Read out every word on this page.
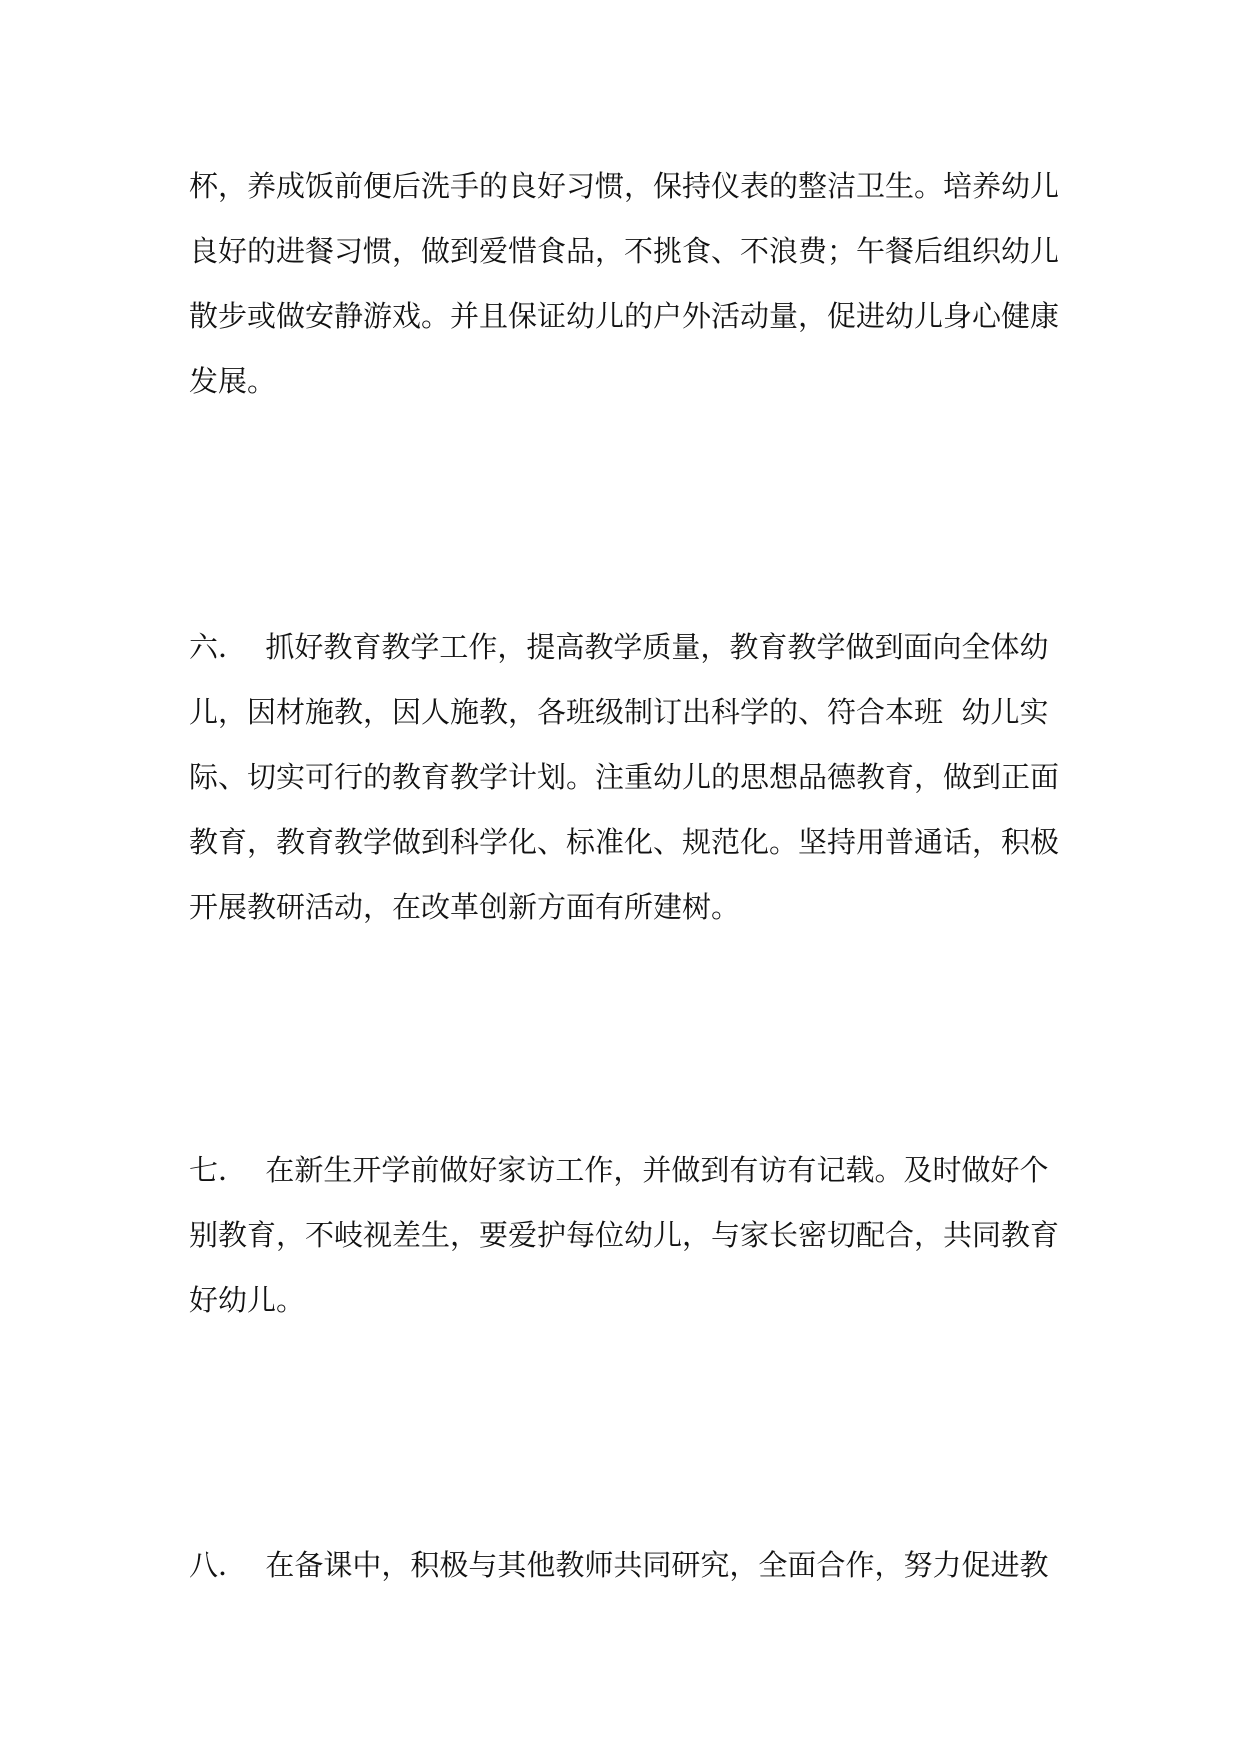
杯，养成饭前便后洗手的良好习惯，保持仪表的整洁卫生。培养幼儿

良好的进餐习惯，做到爱惜食品，不挑食、不浪费；午餐后组织幼儿

散步或做安静游戏。并且保证幼儿的户外活动量，促进幼儿身心健康

发展。

六．  抓好教育教学工作，提高教学质量，教育教学做到面向全体幼

儿，因材施教，因人施教，各班级制订出科学的、符合本班  幼儿实

际、切实可行的教育教学计划。注重幼儿的思想品德教育，做到正面

教育，教育教学做到科学化、标准化、规范化。坚持用普通话，积极

开展教研活动，在改革创新方面有所建树。

七．  在新生开学前做好家访工作，并做到有访有记载。及时做好个

别教育，不岐视差生，要爱护每位幼儿，与家长密切配合，共同教育

好幼儿。

八．  在备课中，积极与其他教师共同研究，全面合作，努力促进教
